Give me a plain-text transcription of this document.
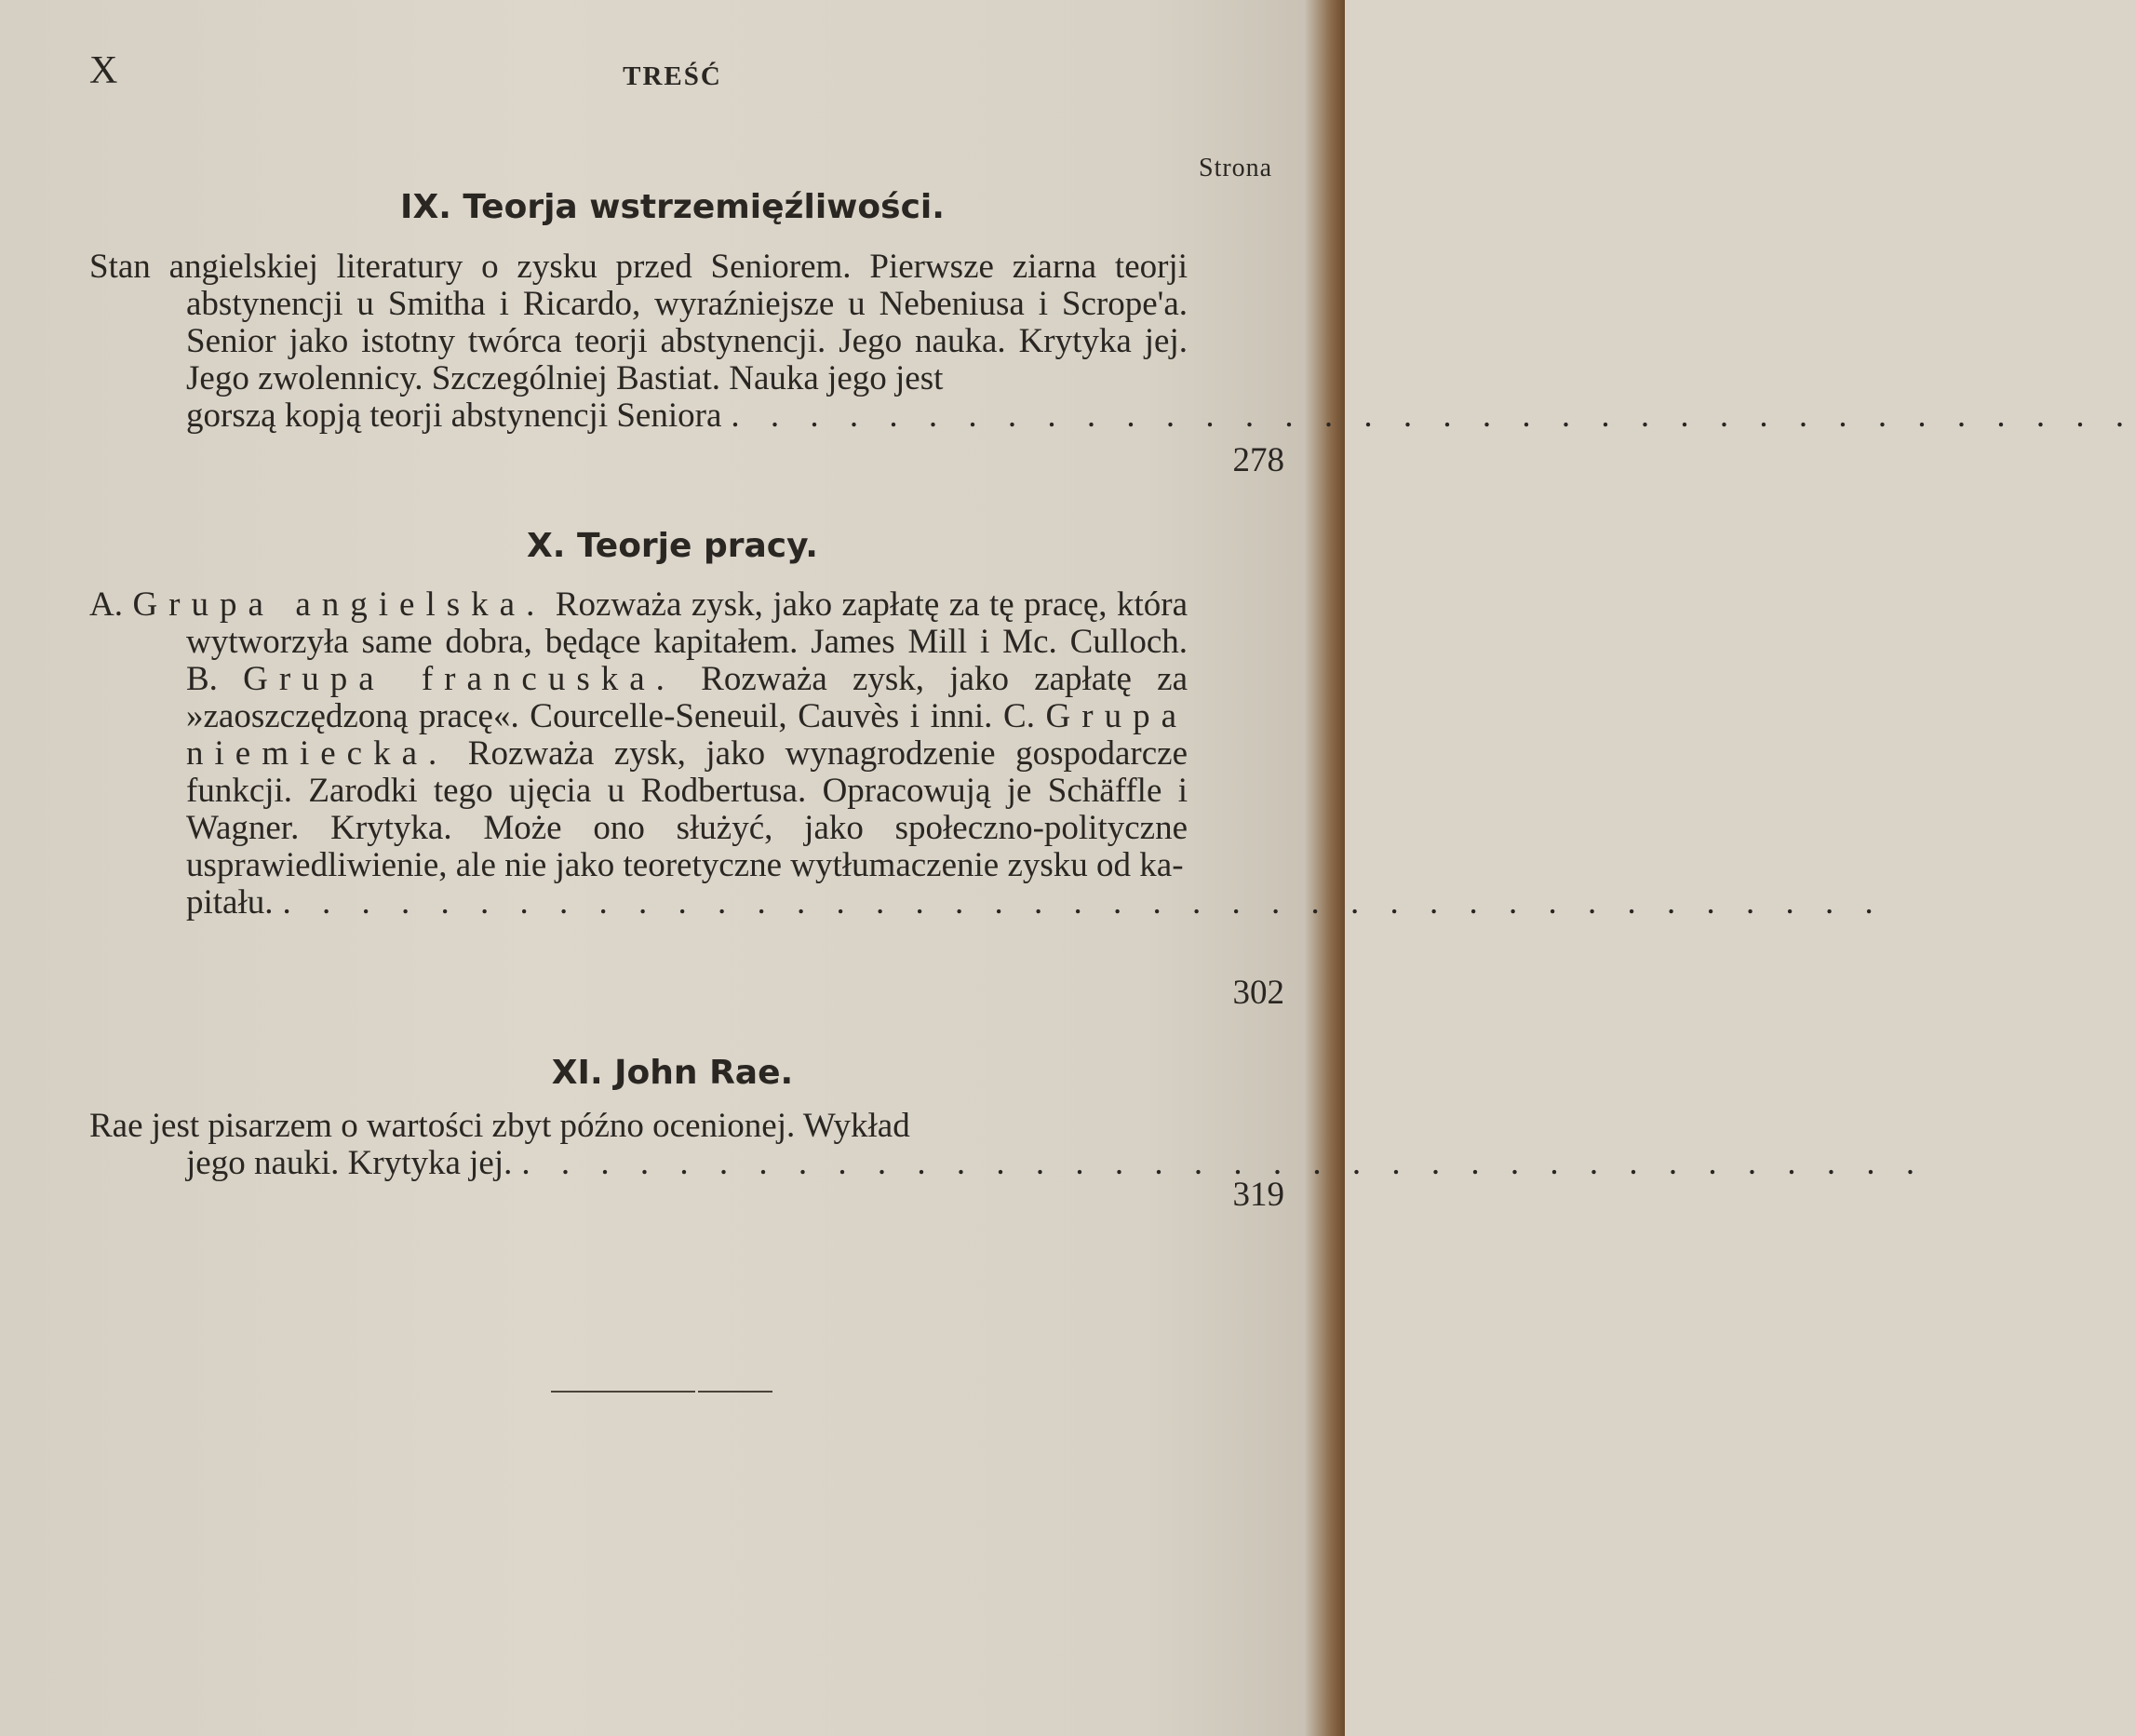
X	TREŚĆ
Strona
IX. Teorja wstrzemięźliwości.
Stan angielskiej literatury o zysku przed Seniorem. Pierwsze ziarna teorji abstynencji u Smitha i Ricardo, wyraźniejsze u Nebeniusa i Scrope'a. Senior jako istotny twórca teorji abstynencji. Jego nauka. Krytyka jej. Jego zwolennicy. Szczególniej Bastiat. Nauka jego jest
gorszą kopją teorji abstynencji Seniora . . . . . . . . . . . . . . . . . . . . . . . . . . . . . . . . . . . .
278
X. Teorje pracy.
A. Grupa angielska. Rozważa zysk, jako zapłatę za tę pracę, która wytworzyła same dobra, będące kapitałem. James Mill i Mc. Culloch. B. Grupa francuska. Rozważa zysk, jako zapłatę za »zaoszczędzoną pracę«. Courcelle-Seneuil, Cauvès i inni. C. Grupa niemiecka. Rozważa zysk, jako wynagrodzenie gospodarcze funkcji. Zarodki tego ujęcia u Rodbertusa. Opracowują je Schäffle i Wagner. Krytyka. Może ono służyć, jako społeczno-polityczne usprawiedliwienie, ale nie jako teoretyczne wytłumaczenie zysku od ka-
pitału. . . . . . . . . . . . . . . . . . . . . . . . . . . . . . . . . . . . . . . . . .
302
XI. John Rae.
Rae jest pisarzem o wartości zbyt późno ocenionej. Wykład
jego nauki. Krytyka jej. . . . . . . . . . . . . . . . . . . . . . . . . . . . . . . . . . . . .
319
